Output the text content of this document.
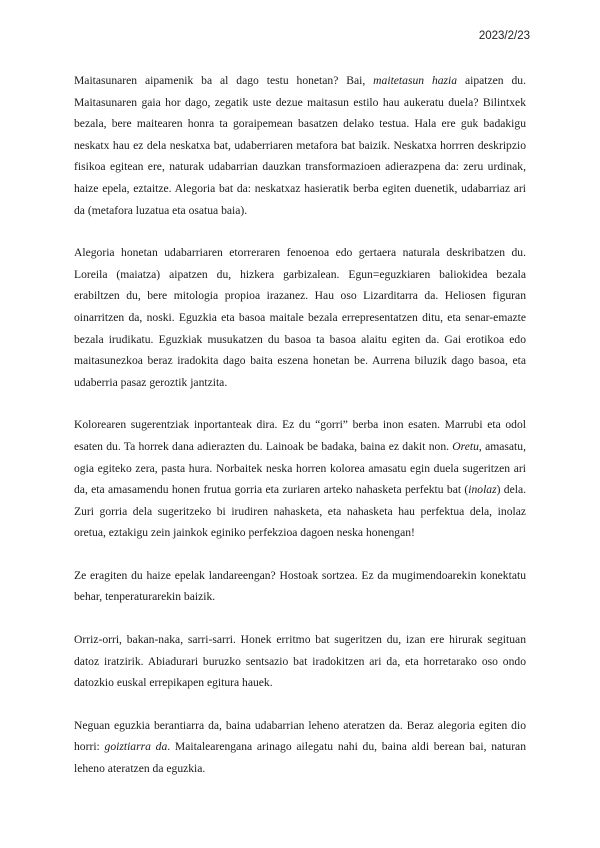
2023/2/23

Maitasunaren aipamenik ba al dago testu honetan? Bai, maitetasun hazia aipatzen du. Maitasunaren gaia hor dago, zegatik uste dezue maitasun estilo hau aukeratu duela? Bilintxek bezala, bere maitearen honra ta goraipemean basatzen delako testua. Hala ere guk badakigu neskatx hau ez dela neskatxa bat, udaberriaren metafora bat baizik. Neskatxa horrren deskripzio fisikoa egitean ere, naturak udabarrian dauzkan transformazioen adierazpena da: zeru urdinak, haize epela, eztaitze. Alegoria bat da: neskatxaz hasieratik berba egiten duenetik, udabarriaz ari da (metafora luzatua eta osatua baia).

Alegoria honetan udabarriaren etorreraren fenoenoa edo gertaera naturala deskribatzen du. Loreila (maiatza) aipatzen du, hizkera garbizalean. Egun=eguzkiaren baliokidea bezala erabiltzen du, bere mitologia propioa irazanez. Hau oso Lizarditarra da. Heliosen figuran oinarritzen da, noski. Eguzkia eta basoa maitale bezala errepresentatzen ditu, eta senar-emazte bezala irudikatu. Eguzkiak musukatzen du basoa ta basoa alaitu egiten da. Gai erotikoa edo maitasunezkoa beraz iradokita dago baita eszena honetan be. Aurrena biluzik dago basoa, eta udaberria pasaz geroztik jantzita.

Kolorearen sugerentziak inportanteak dira. Ez du “gorri” berba inon esaten. Marrubi eta odol esaten du. Ta horrek dana adierazten du. Lainoak be badaka, baina ez dakit non. Oretu, amasatu, ogia egiteko zera, pasta hura. Norbaitek neska horren kolorea amasatu egin duela sugeritzen ari da, eta amasamendu honen frutua gorria eta zuriaren arteko nahasketa perfektu bat (inolaz) dela. Zuri gorria dela sugeritzeko bi irudiren nahasketa, eta nahasketa hau perfektua dela, inolaz oretua, eztakigu zein jainkok eginiko perfekzioa dagoen neska honengan!

Ze eragiten du haize epelak landareengan? Hostoak sortzea. Ez da mugimendoarekin konektatu behar, tenperaturarekin baizik.

Orriz-orri, bakan-naka, sarri-sarri. Honek erritmo bat sugeritzen du, izan ere hirurak segituan datoz iratzirik. Abiadurari buruzko sentsazio bat iradokitzen ari da, eta horretarako oso ondo datozkio euskal errepikapen egitura hauek.

Neguan eguzkia berantiarra da, baina udabarrian leheno ateratzen da. Beraz alegoria egiten dio horri: goiztiarra da. Maitalearengana arinago ailegatu nahi du, baina aldi berean bai, naturan leheno ateratzen da eguzkia.
